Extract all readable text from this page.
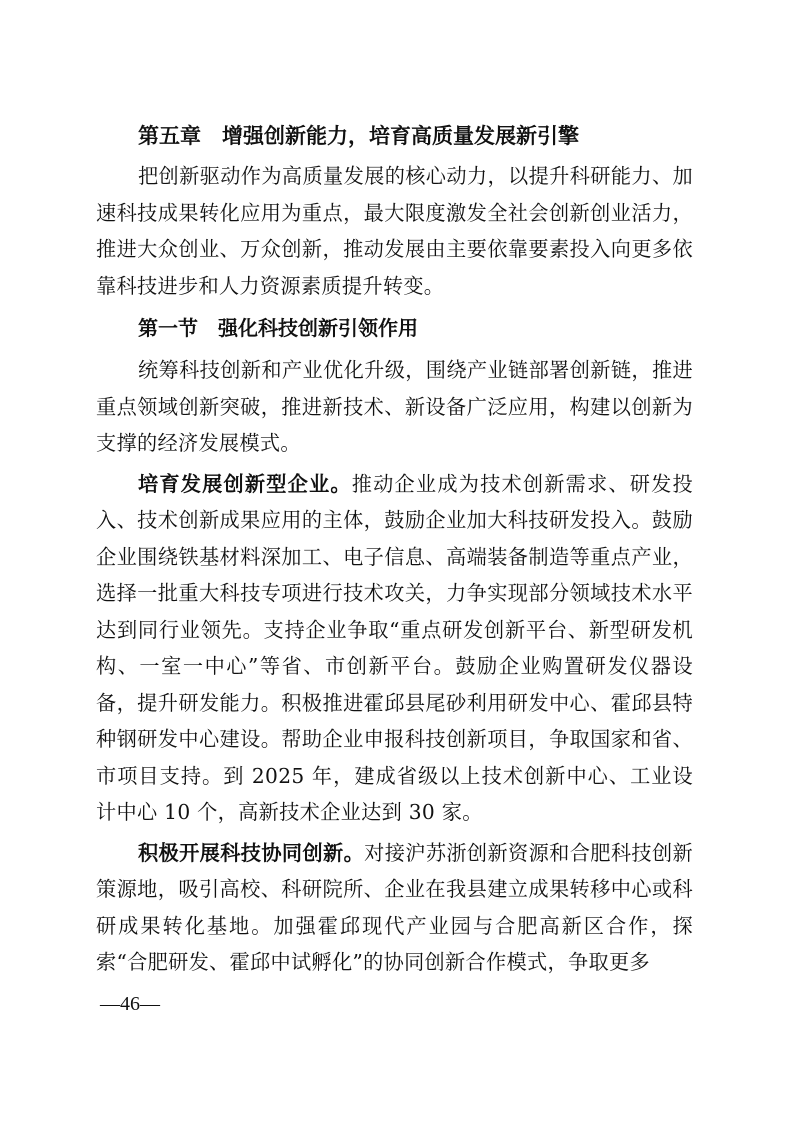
第五章　增强创新能力，培育高质量发展新引擎

把创新驱动作为高质量发展的核心动力，以提升科研能力、加速科技成果转化应用为重点，最大限度激发全社会创新创业活力，推进大众创业、万众创新，推动发展由主要依靠要素投入向更多依靠科技进步和人力资源素质提升转变。

第一节　强化科技创新引领作用

统筹科技创新和产业优化升级，围绕产业链部署创新链，推进重点领域创新突破，推进新技术、新设备广泛应用，构建以创新为支撑的经济发展模式。

培育发展创新型企业。推动企业成为技术创新需求、研发投入、技术创新成果应用的主体，鼓励企业加大科技研发投入。鼓励企业围绕铁基材料深加工、电子信息、高端装备制造等重点产业，选择一批重大科技专项进行技术攻关，力争实现部分领域技术水平达到同行业领先。支持企业争取“重点研发创新平台、新型研发机构、一室一中心”等省、市创新平台。鼓励企业购置研发仪器设备，提升研发能力。积极推进霍邱县尾砂利用研发中心、霍邱县特种钢研发中心建设。帮助企业申报科技创新项目，争取国家和省、市项目支持。到 2025 年，建成省级以上技术创新中心、工业设计中心 10 个，高新技术企业达到 30 家。

积极开展科技协同创新。对接沪苏浙创新资源和合肥科技创新策源地，吸引高校、科研院所、企业在我县建立成果转移中心或科研成果转化基地。加强霍邱现代产业园与合肥高新区合作，探索“合肥研发、霍邱中试孵化”的协同创新合作模式，争取更多

—46—
